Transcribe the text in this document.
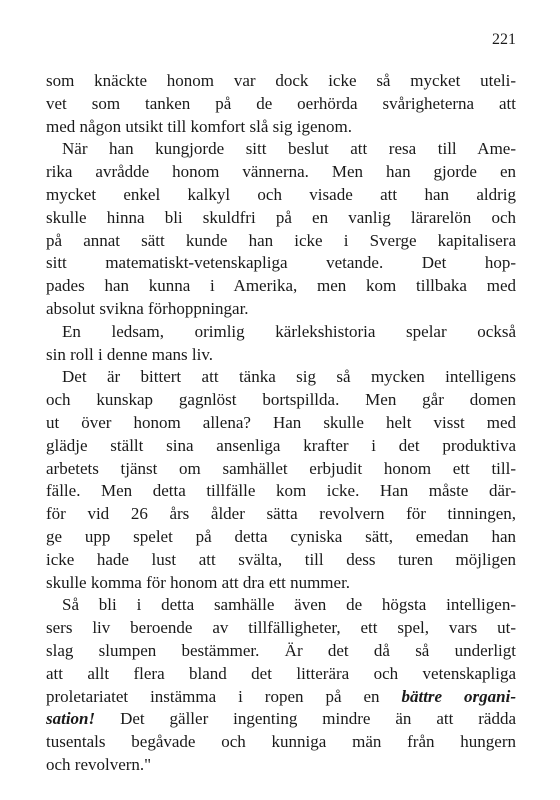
221
som knäckte honom var dock icke så mycket uteli-
vet som tanken på de oerhörda svårigheterna att
med någon utsikt till komfort slå sig igenom.
När han kungjorde sitt beslut att resa till Ame-
rika avrådde honom vännerna. Men han gjorde en
mycket enkel kalkyl och visade att han aldrig
skulle hinna bli skuldfri på en vanlig lärarelön och
på annat sätt kunde han icke i Sverge kapitalisera
sitt matematiskt-vetenskapliga vetande. Det hop-
pades han kunna i Amerika, men kom tillbaka med
absolut svikna förhoppningar.
En ledsam, orimlig kärlekshistoria spelar också
sin roll i denne mans liv.
Det är bittert att tänka sig så mycken intelligens
och kunskap gagnlöst bortspillda. Men går domen
ut över honom allena? Han skulle helt visst med
glädje ställt sina ansenliga krafter i det produktiva
arbetets tjänst om samhället erbjudit honom ett till-
fälle. Men detta tillfälle kom icke. Han måste där-
för vid 26 års ålder sätta revolvern för tinningen,
ge upp spelet på detta cyniska sätt, emedan han
icke hade lust att svälta, till dess turen möjligen
skulle komma för honom att dra ett nummer.
Så bli i detta samhälle även de högsta intelligen-
sers liv beroende av tillfälligheter, ett spel, vars ut-
slag slumpen bestämmer. Är det då så underligt
att allt flera bland det litterära och vetenskapliga
proletariatet instämma i ropen på en bättre organi-
sation! Det gäller ingenting mindre än att rädda
tusentals begåvade och kunniga män från hungern
och revolvern."
